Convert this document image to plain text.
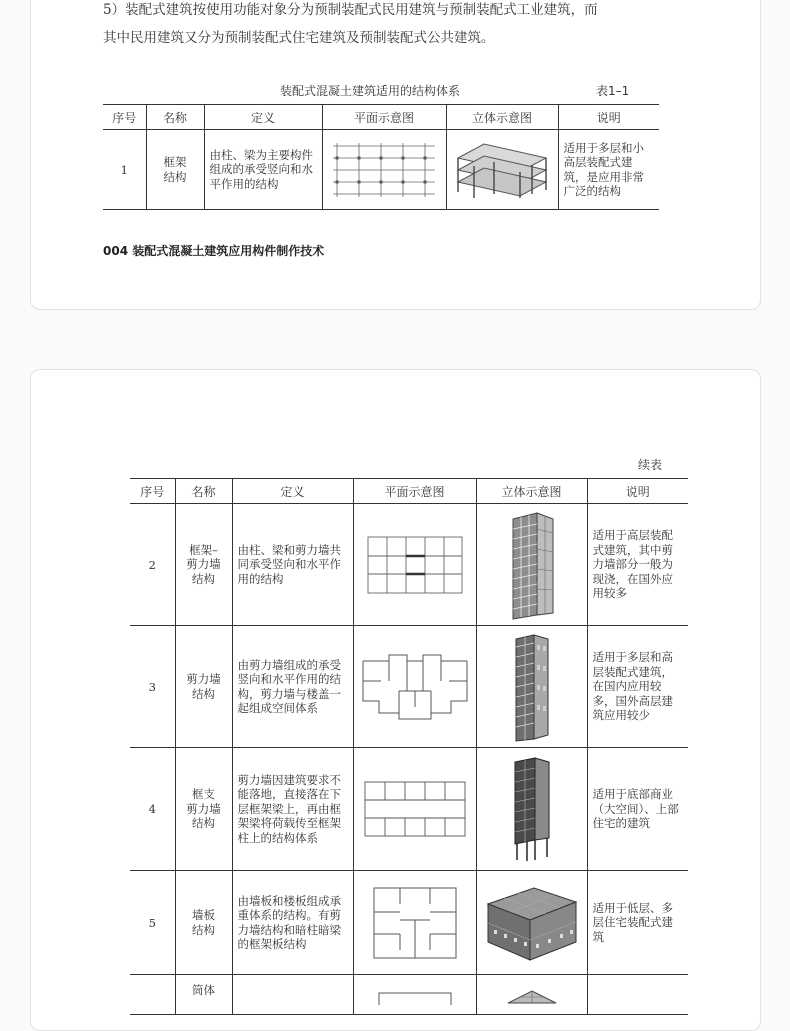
5）装配式建筑按使用功能对象分为预制装配式民用建筑与预制装配式工业建筑，而

其中民用建筑又分为预制装配式住宅建筑及预制装配式公共建筑。

装配式混凝土建筑适用的结构体系	表1–1
序号	名称	定义	平面示意图	立体示意图	说明
1	框架
结构	由柱、梁为主要构件组成的承受竖向和水平作用的结构			适用于多层和小高层装配式建筑，是应用非常广泛的结构
004 装配式混凝土建筑应用构件制作技术
续表
序号	名称	定义	平面示意图	立体示意图	说明
2	框架–
剪力墙
结构	由柱、梁和剪力墙共同承受竖向和水平作用的结构			适用于高层装配式建筑，其中剪力墙部分一般为现浇，在国外应用较多
3	剪力墙
结构	由剪力墙组成的承受竖向和水平作用的结构，剪力墙与楼盖一起组成空间体系			适用于多层和高层装配式建筑，在国内应用较多，国外高层建筑应用较少
4	框支
剪力墙
结构	剪力墙因建筑要求不能落地，直接落在下层框架梁上，再由框架梁将荷载传至框架柱上的结构体系			适用于底部商业（大空间）、上部住宅的建筑
5	墙板
结构	由墙板和楼板组成承重体系的结构。有剪力墙结构和暗柱暗梁的框架板结构			适用于低层、多层住宅装配式建筑
	筒体		
